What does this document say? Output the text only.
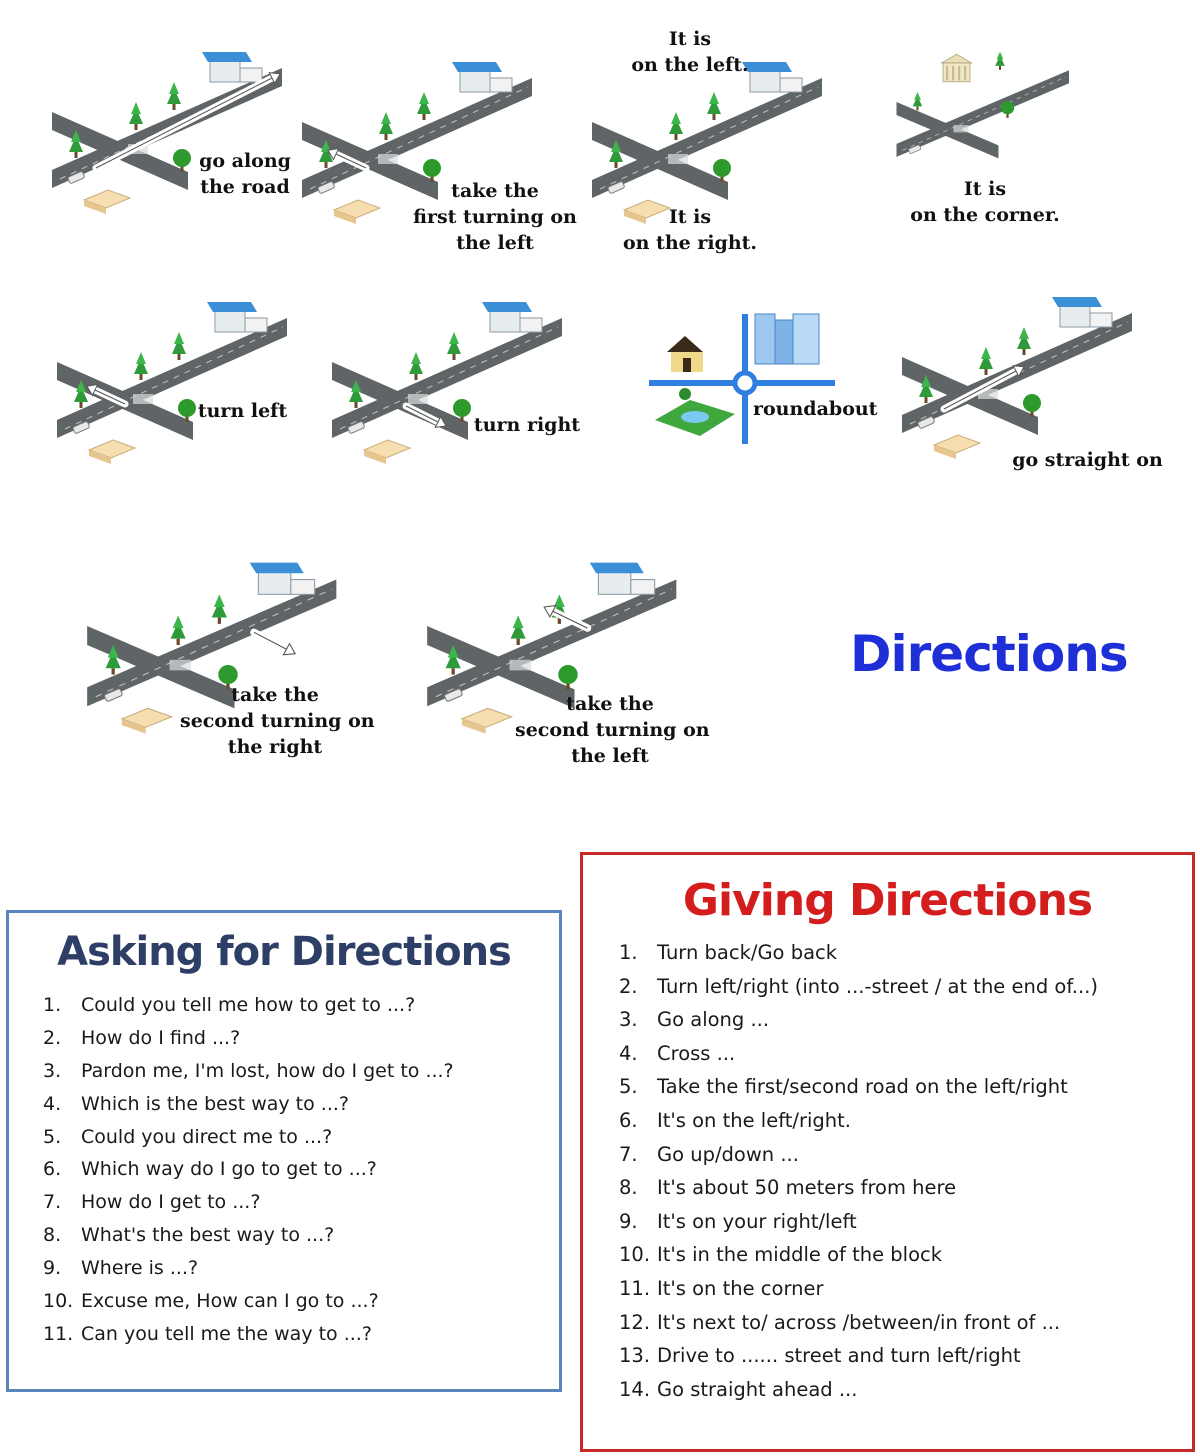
go along
the road	take the
first turning on
the left
It is
on the left.
It is
on the right.
It is
on the corner.
turn left
turn right
roundabout
go straight on
take the
second turning on
the right
take the
second turning on
the left
Directions
Asking for Directions
1. Could you tell me how to get to ...?
2. How do I find ...?
3. Pardon me, I'm lost, how do I get to ...?
4. Which is the best way to ...?
5. Could you direct me to ...?
6. Which way do I go to get to ...?
7. How do I get to ...?
8. What's the best way to ...?
9. Where is ...?
10. Excuse me, How can I go to ...?
11. Can you tell me the way to ...?
Giving Directions
1. Turn back/Go back
2. Turn left/right (into ...-street / at the end of...)
3. Go along ...
4. Cross ...
5. Take the first/second road on the left/right
6. It's on the left/right.
7. Go up/down ...
8. It's about 50 meters from here
9. It's on your right/left
10. It's in the middle of the block
11. It's on the corner
12. It's next to/ across /between/in front of ...
13. Drive to ...... street and turn left/right
14. Go straight ahead ...
